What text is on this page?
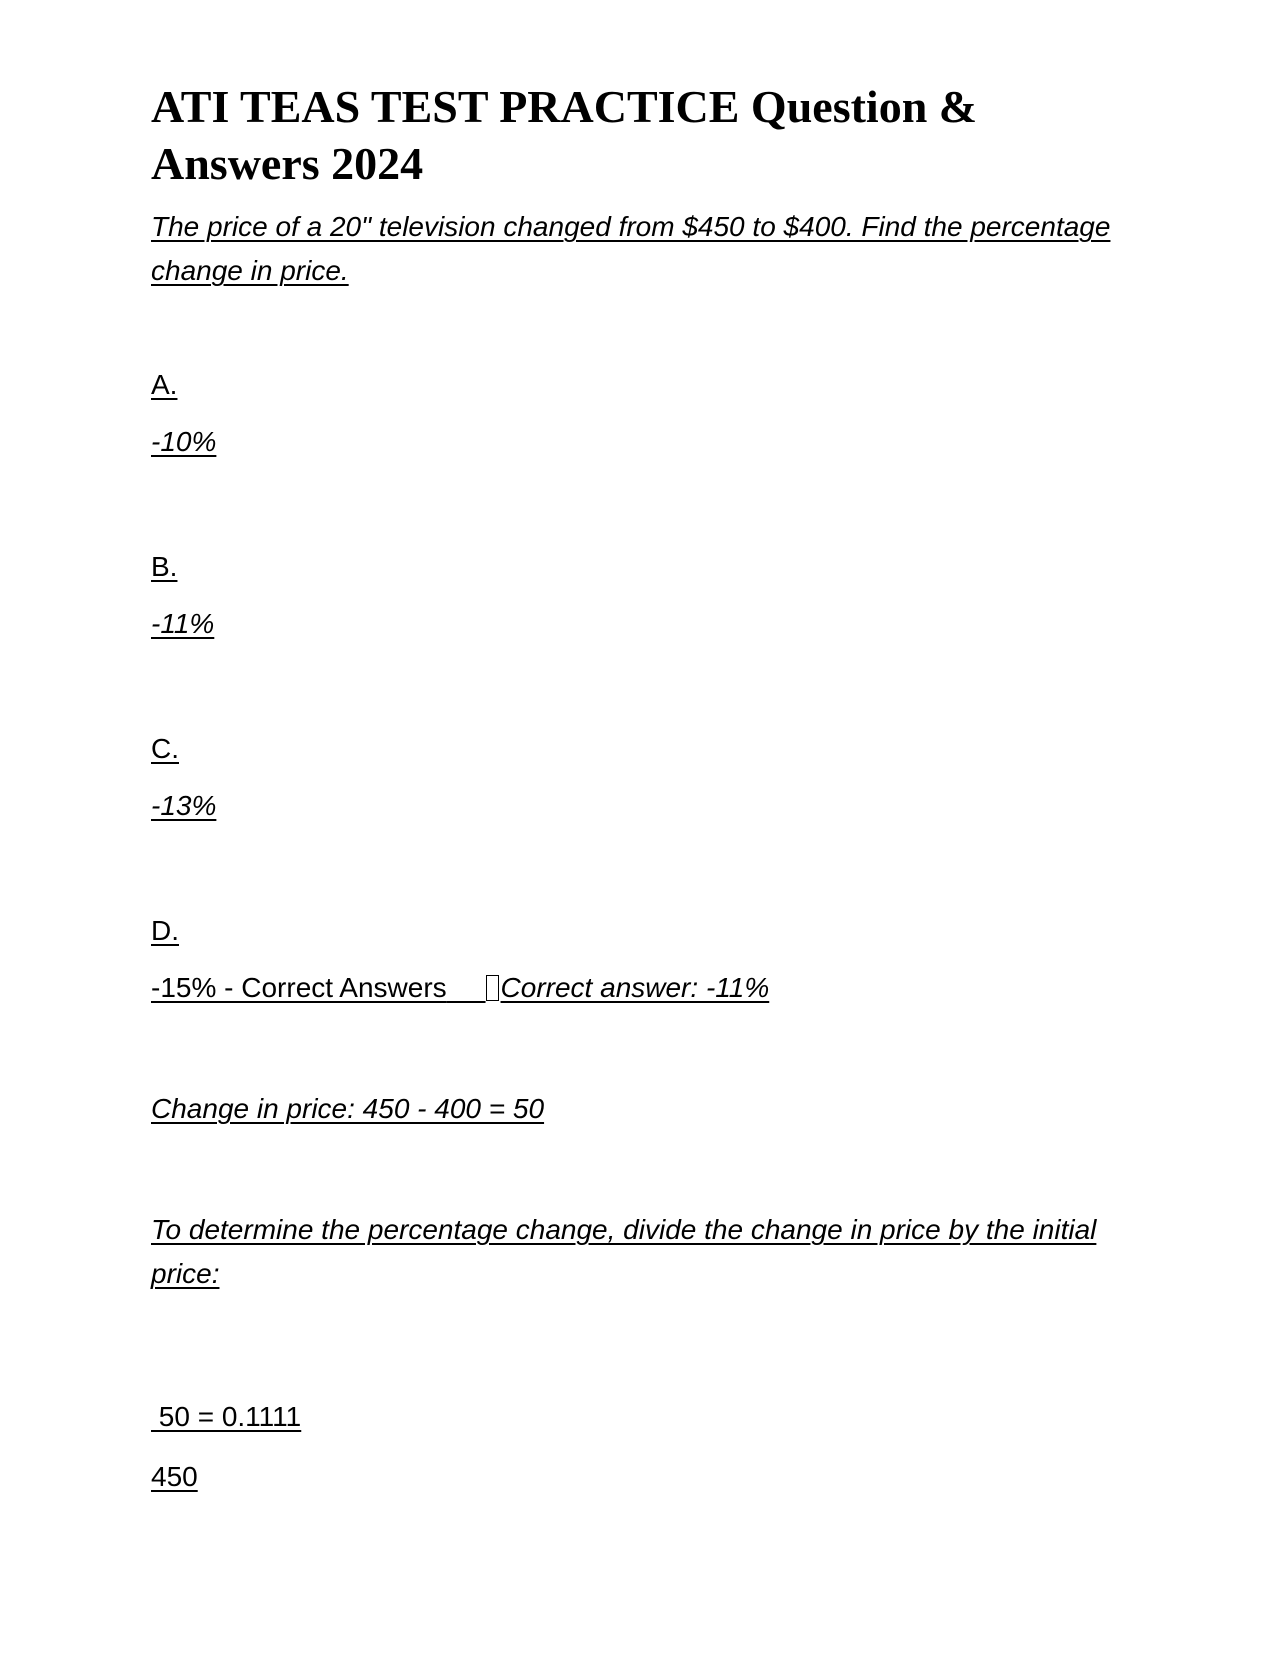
ATI TEAS TEST PRACTICE Question & Answers 2024

The price of a 20" television changed from $450 to $400. Find the percentage change in price.

A.

-10%

B.

-11%

C.

-13%

D.

-15% - Correct Answers Correct answer: -11%

Change in price: 450 - 400 = 50

To determine the percentage change, divide the change in price by the initial price:

50 = 0.1111

450
